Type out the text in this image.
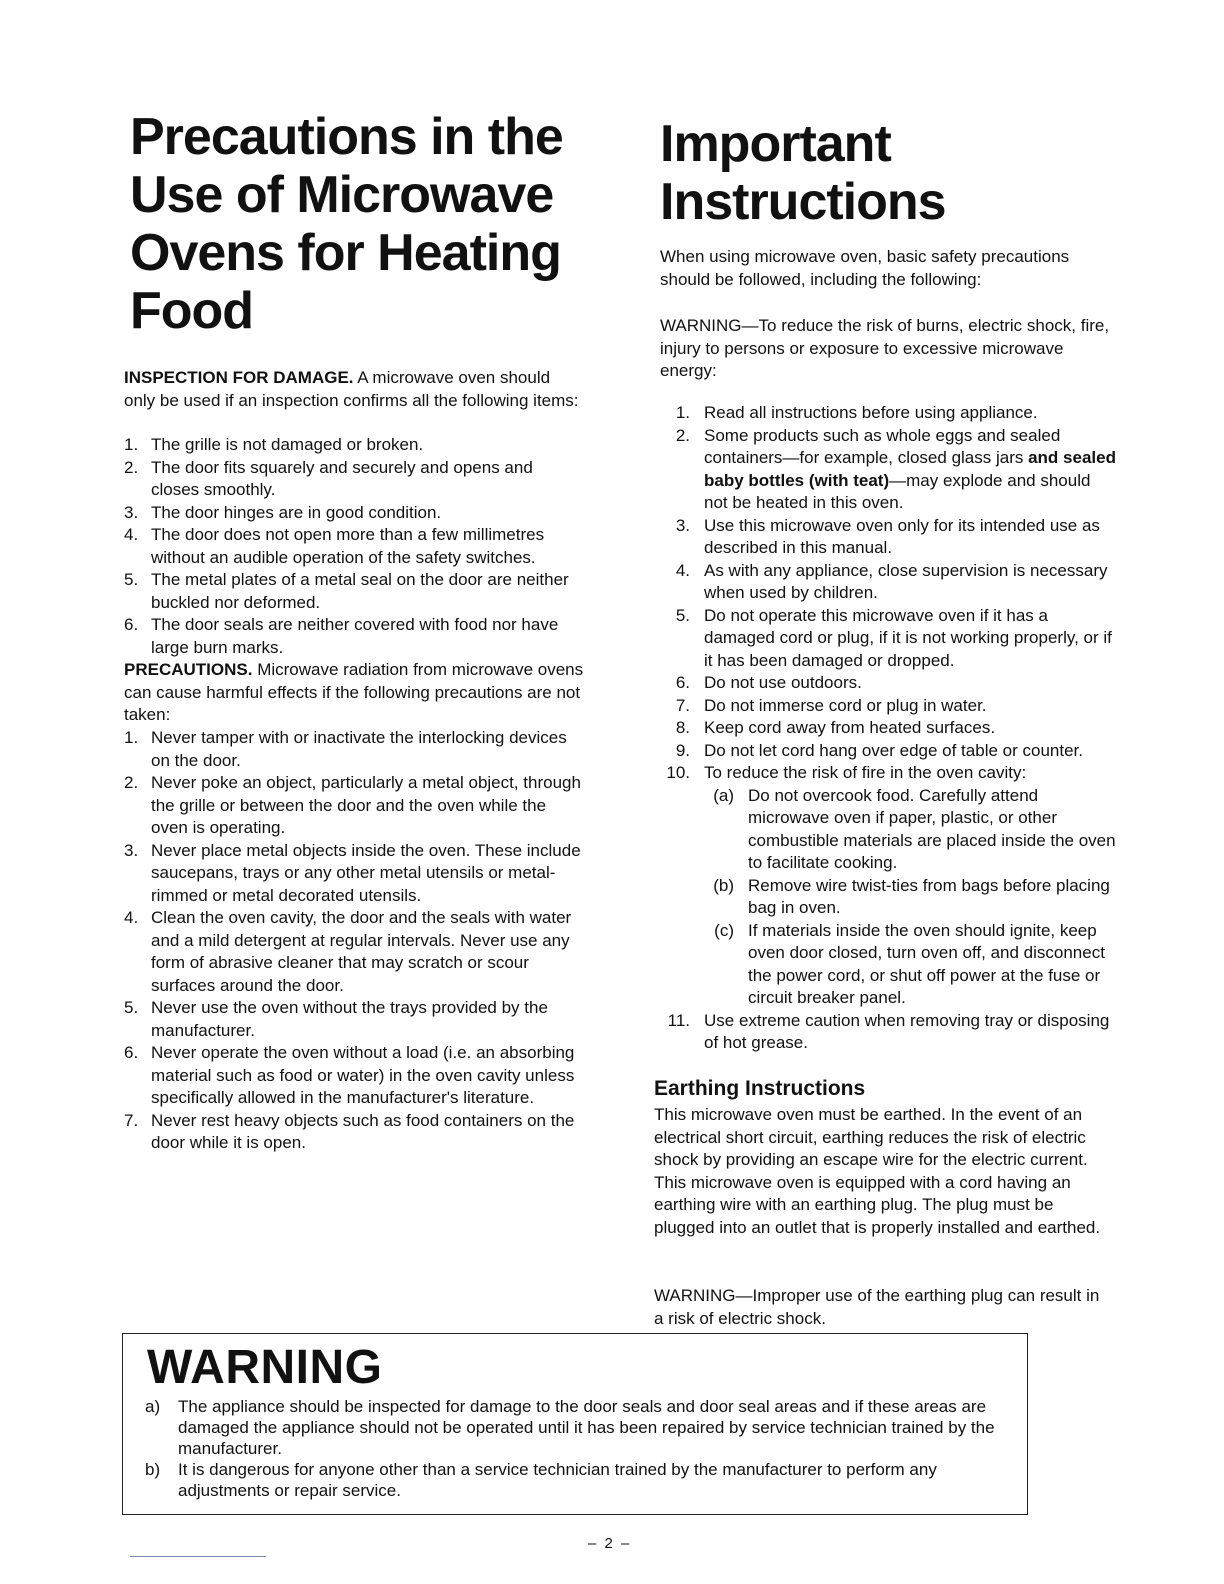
Precautions in the Use of Microwave Ovens for Heating Food
INSPECTION FOR DAMAGE. A microwave oven should only be used if an inspection confirms all the following items:
1. The grille is not damaged or broken.
2. The door fits squarely and securely and opens and closes smoothly.
3. The door hinges are in good condition.
4. The door does not open more than a few millimetres without an audible operation of the safety switches.
5. The metal plates of a metal seal on the door are neither buckled nor deformed.
6. The door seals are neither covered with food nor have large burn marks.
PRECAUTIONS. Microwave radiation from microwave ovens can cause harmful effects if the following precautions are not taken:
1. Never tamper with or inactivate the interlocking devices on the door.
2. Never poke an object, particularly a metal object, through the grille or between the door and the oven while the oven is operating.
3. Never place metal objects inside the oven. These include saucepans, trays or any other metal utensils or metal-rimmed or metal decorated utensils.
4. Clean the oven cavity, the door and the seals with water and a mild detergent at regular intervals. Never use any form of abrasive cleaner that may scratch or scour surfaces around the door.
5. Never use the oven without the trays provided by the manufacturer.
6. Never operate the oven without a load (i.e. an absorbing material such as food or water) in the oven cavity unless specifically allowed in the manufacturer's literature.
7. Never rest heavy objects such as food containers on the door while it is open.
Important Instructions
When using microwave oven, basic safety precautions should be followed, including the following:
WARNING—To reduce the risk of burns, electric shock, fire, injury to persons or exposure to excessive microwave energy:
1. Read all instructions before using appliance.
2. Some products such as whole eggs and sealed containers—for example, closed glass jars and sealed baby bottles (with teat)—may explode and should not be heated in this oven.
3. Use this microwave oven only for its intended use as described in this manual.
4. As with any appliance, close supervision is necessary when used by children.
5. Do not operate this microwave oven if it has a damaged cord or plug, if it is not working properly, or if it has been damaged or dropped.
6. Do not use outdoors.
7. Do not immerse cord or plug in water.
8. Keep cord away from heated surfaces.
9. Do not let cord hang over edge of table or counter.
10. To reduce the risk of fire in the oven cavity:
(a) Do not overcook food. Carefully attend microwave oven if paper, plastic, or other combustible materials are placed inside the oven to facilitate cooking.
(b) Remove wire twist-ties from bags before placing bag in oven.
(c) If materials inside the oven should ignite, keep oven door closed, turn oven off, and disconnect the power cord, or shut off power at the fuse or circuit breaker panel.
11. Use extreme caution when removing tray or disposing of hot grease.
Earthing Instructions
This microwave oven must be earthed. In the event of an electrical short circuit, earthing reduces the risk of electric shock by providing an escape wire for the electric current. This microwave oven is equipped with a cord having an earthing wire with an earthing plug. The plug must be plugged into an outlet that is properly installed and earthed.
WARNING—Improper use of the earthing plug can result in a risk of electric shock.
WARNING
a) The appliance should be inspected for damage to the door seals and door seal areas and if these areas are damaged the appliance should not be operated until it has been repaired by service technician trained by the manufacturer.
b) It is dangerous for anyone other than a service technician trained by the manufacturer to perform any adjustments or repair service.
– 2 –
